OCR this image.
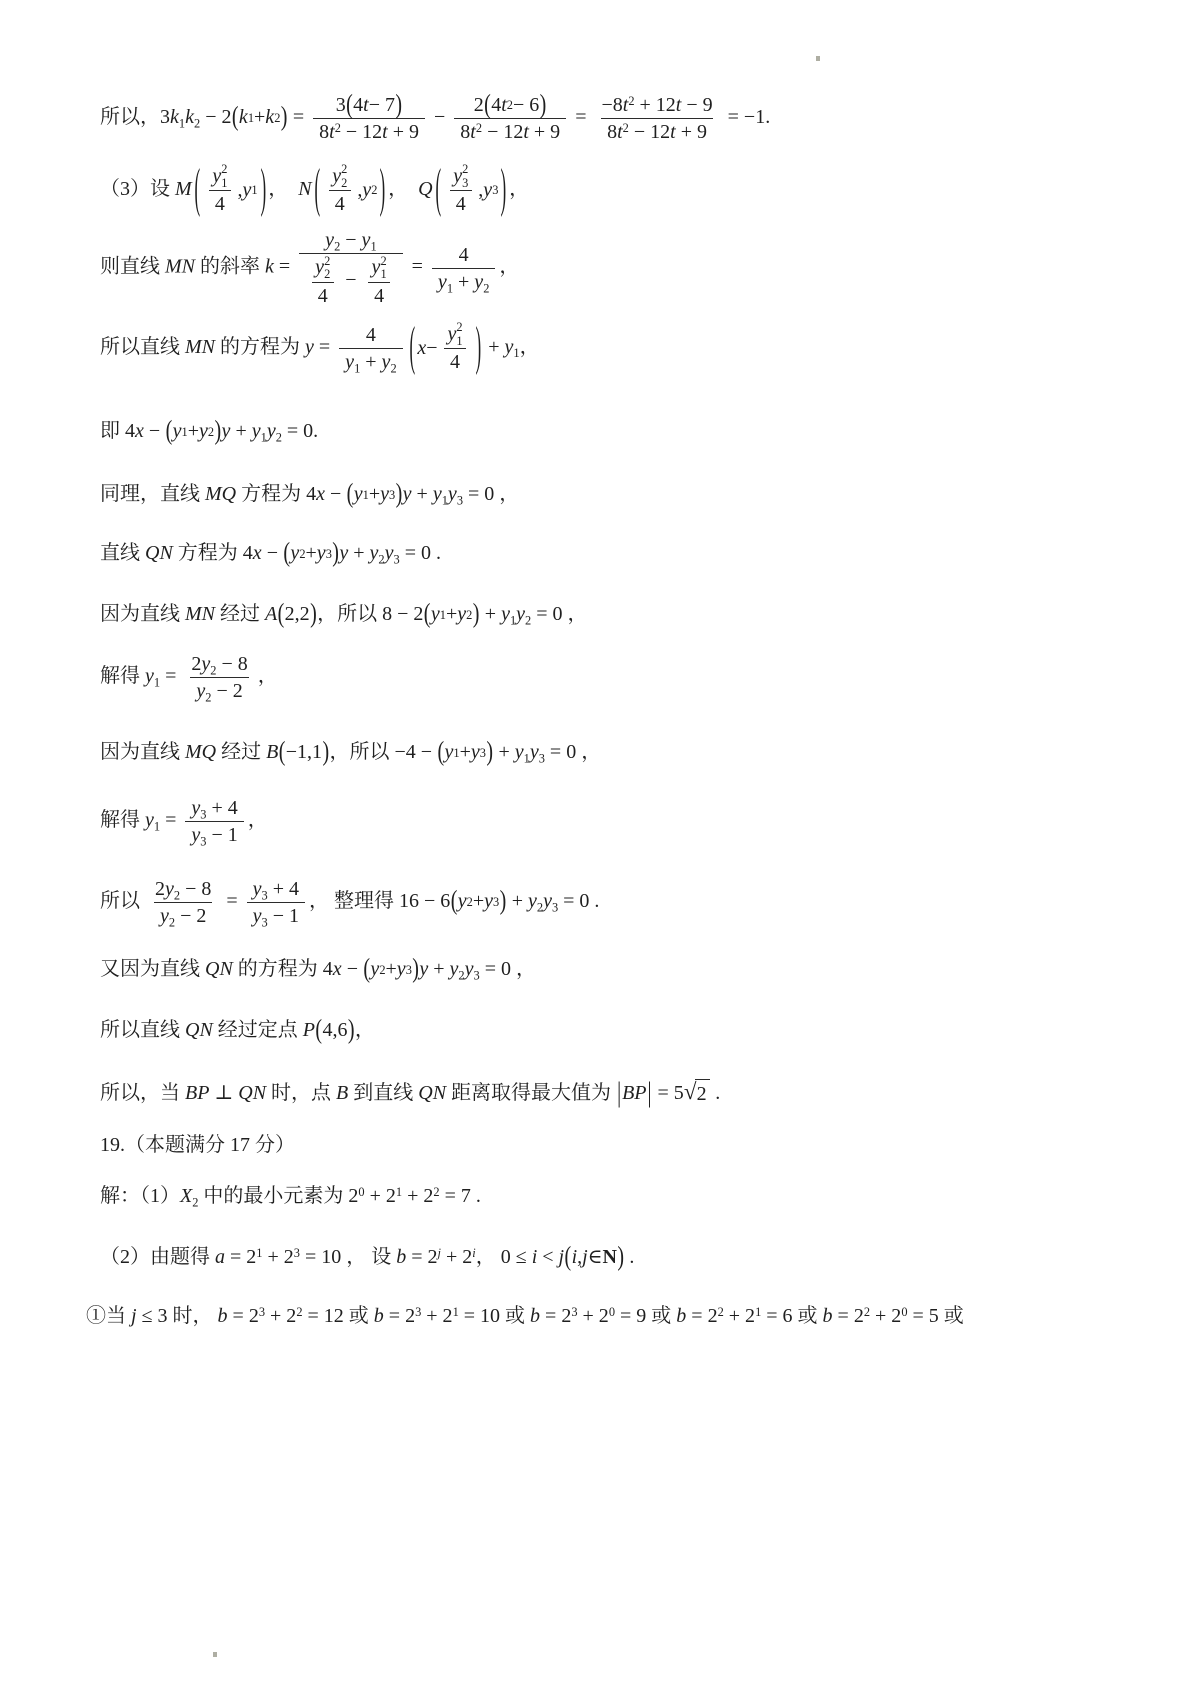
所以，$3k_1k_2 - 2$ ( k 1 + k 2 ) = $\frac{3 ( 4 t - 7 )}{8t^2 - 12t + 9} - \frac{2 ( 4 t 2 - 6 )}{8t^2 - 12t + 9} = \frac{-8t^2 + 12t - 9}{8t^2 - 12t + 9} = -1$.
（3）设 M ( y 2
1
4 , y 1 ) ，  N ( y 2
2
4 , y 2 ) ，  Q ( y 2
3
4 , y 3 ) ，
则直线 MN 的斜率 $k = y_2 - y_1$
y 2
2
4 − y 2
1
$4 = \frac{4}{y_1 + y_2}$ ，
所以直线 MN 的方程为 $y = \frac{4}{y_1 + y_2}$ ( x − y 2
1
4 ) + $y_1$，
即 4x − ( y 1 + y 2 ) $y + y_1y_2 = 0$.
同理，直线 MQ 方程为 4x − ( y 1 + y 3 ) $y + y_1y_3 = 0$ ，
直线 QN 方程为 4x − ( y 2 + y 3 ) $y + y_2y_3 = 0$ .
因为直线 MN 经过 A ( 2,2 ) ，所以 8 − 2 ( y 1 + y 2 ) + $y_1y_2 = 0$ ，
解得 $y_1 = \frac{2y_2 - 8}{y_2 - 2}$ ，
因为直线 MQ 经过 B ( −1,1 ) ，所以 −4 − ( y 1 + y 3 ) + $y_1y_3 = 0$ ，
解得 $y_1 = \frac{y_3 + 4}{y_3 - 1}$ ，
所以 $\frac{2y_2 - 8}{y_2 - 2} = \frac{y_3 + 4}{y_3 - 1}$ ， 整理得 16 − 6 ( y 2 + y 3 ) + $y_2y_3 = 0$ .
又因为直线 QN 的方程为 4x − ( y 2 + y 3 ) $y + y_2y_3 = 0$ ，
所以直线 QN 经过定点 P ( 4,6 ) ，
所以，当 BP ⊥ QN 时，点 B 到直线 QN 距离取得最大值为 | BP | = 5 √ 2 .
19.（本题满分 17 分）
解：$(1)X_2$ 中的最小元素为 $2^0 + 2^1 + 2^2 = 7$ .
（2）由题得 $a = 2^1 + 2^3 = 10$ ， 设 $b = 2^j + 2^i$， 0 ≤ i < j ( i , j ∈ N ) .
①当 j ≤ 3 时， $b = 2^3 + 2^2 = 12$ 或 $b = 2^3 + 2^1 = 10$ 或 $b = 2^3 + 2^0 = 9$ 或 $b = 2^2 + 2^1 = 6$ 或 $b = 2^2 + 2^0 = 5$ 或
